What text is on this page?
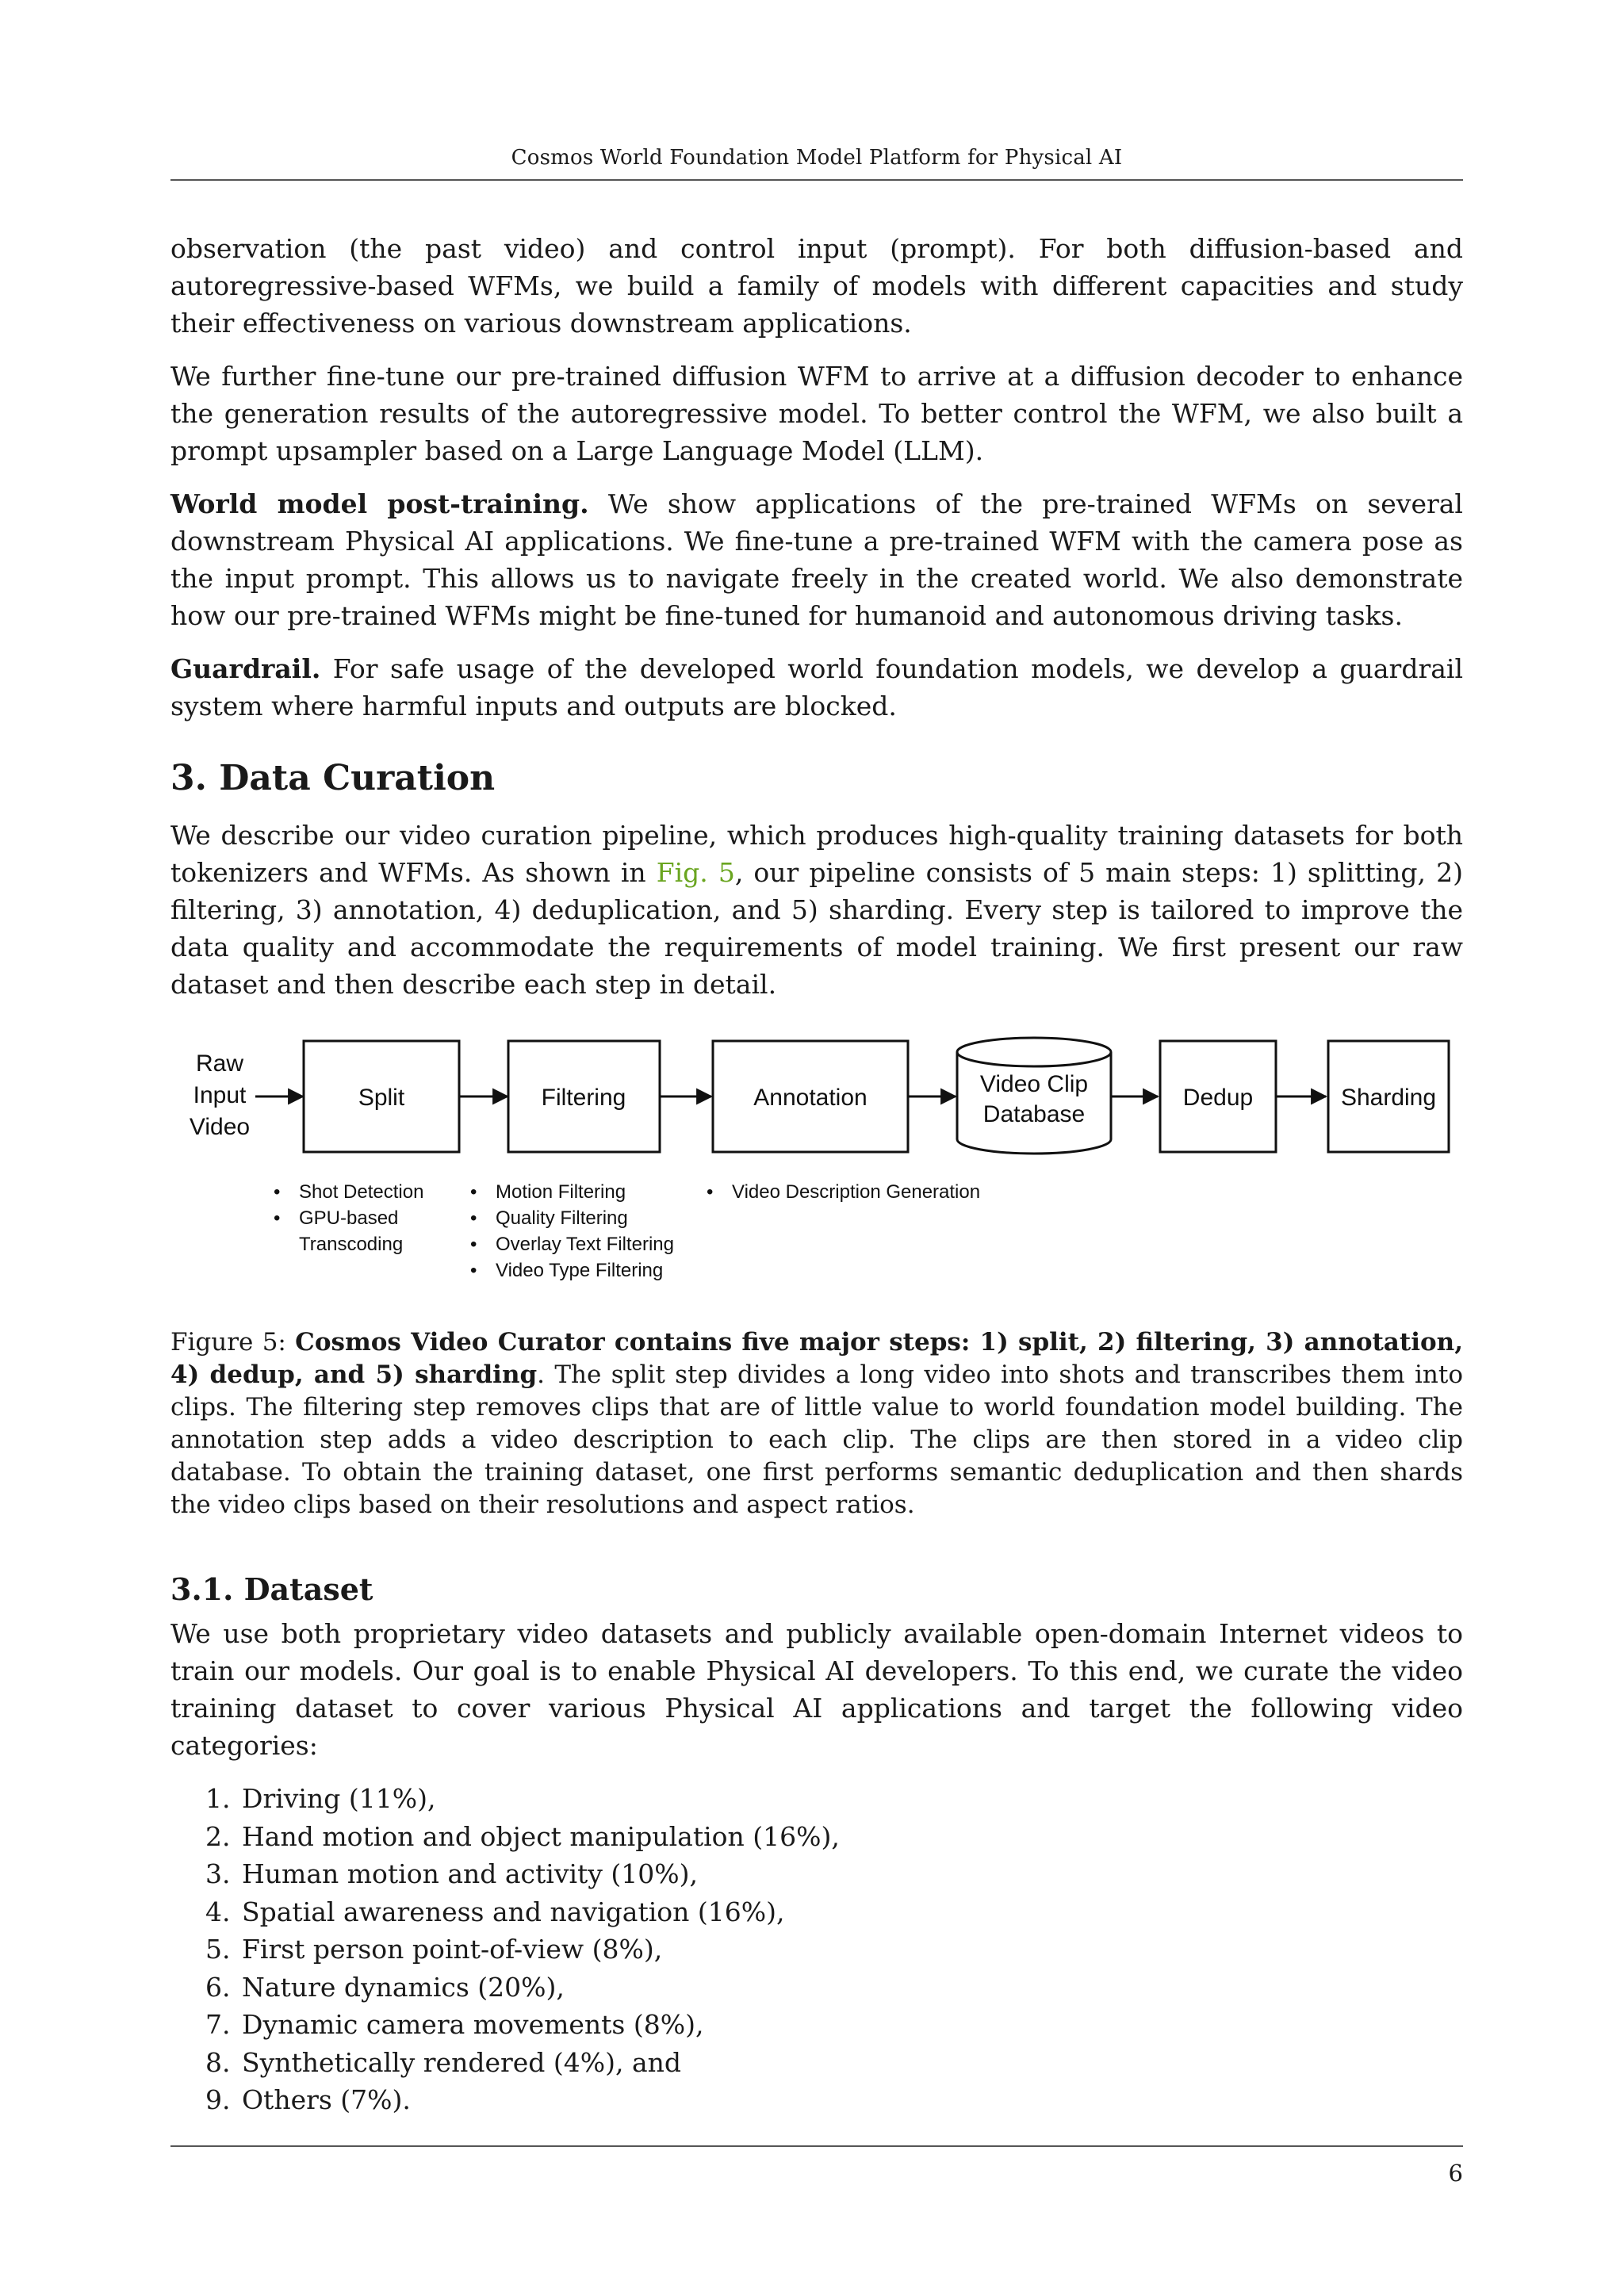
Cosmos World Foundation Model Platform for Physical AI

observation (the past video) and control input (prompt). For both diffusion-based and autoregressive-based WFMs, we build a family of models with different capacities and study their effectiveness on various downstream applications.

We further fine-tune our pre-trained diffusion WFM to arrive at a diffusion decoder to enhance the generation results of the autoregressive model. To better control the WFM, we also built a prompt upsampler based on a Large Language Model (LLM).

World model post-training. We show applications of the pre-trained WFMs on several downstream Physical AI applications. We fine-tune a pre-trained WFM with the camera pose as the input prompt. This allows us to navigate freely in the created world. We also demonstrate how our pre-trained WFMs might be fine-tuned for humanoid and autonomous driving tasks.

Guardrail. For safe usage of the developed world foundation models, we develop a guardrail system where harmful inputs and outputs are blocked.

3. Data Curation

We describe our video curation pipeline, which produces high-quality training datasets for both tokenizers and WFMs. As shown in Fig. 5, our pipeline consists of 5 main steps: 1) splitting, 2) filtering, 3) annotation, 4) deduplication, and 5) sharding. Every step is tailored to improve the data quality and accommodate the requirements of model training. We first present our raw dataset and then describe each step in detail.

Raw
Input
Video
Split	Filtering	Annotation
Video Clip
Database
Dedup	Sharding
• Shot Detection
• GPU-based
Transcoding
• Motion Filtering
• Quality Filtering
• Overlay Text Filtering
• Video Type Filtering
• Video Description Generation

Figure 5: Cosmos Video Curator contains five major steps: 1) split, 2) filtering, 3) annotation, 4) dedup, and 5) sharding. The split step divides a long video into shots and transcribes them into clips. The filtering step removes clips that are of little value to world foundation model building. The annotation step adds a video description to each clip. The clips are then stored in a video clip database. To obtain the training dataset, one first performs semantic deduplication and then shards the video clips based on their resolutions and aspect ratios.

3.1. Dataset

We use both proprietary video datasets and publicly available open-domain Internet videos to train our models. Our goal is to enable Physical AI developers. To this end, we curate the video training dataset to cover various Physical AI applications and target the following video categories:

1. Driving (11%),
2. Hand motion and object manipulation (16%),
3. Human motion and activity (10%),
4. Spatial awareness and navigation (16%),
5. First person point-of-view (8%),
6. Nature dynamics (20%),
7. Dynamic camera movements (8%),
8. Synthetically rendered (4%), and
9. Others (7%).
6
